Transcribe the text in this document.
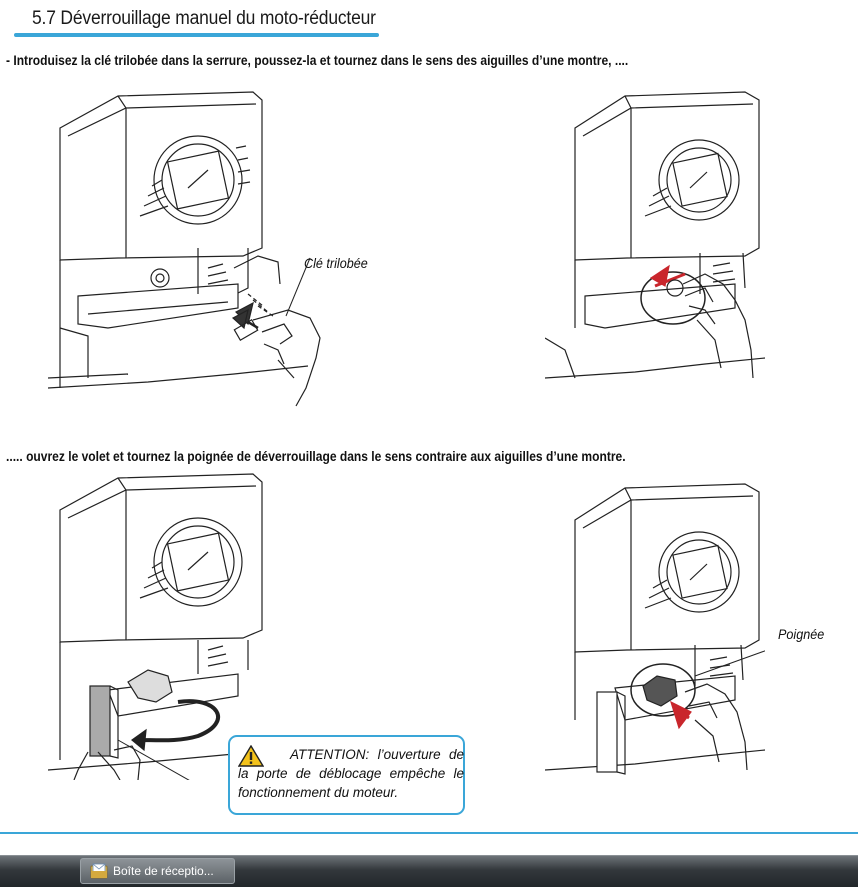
5.7 Déverrouillage manuel du moto-réducteur
- Introduisez la clé trilobée dans la serrure, poussez-la et tournez dans le sens des aiguilles d’une montre, ....
Clé trilobée
..... ouvrez le volet et tournez la poignée de déverrouillage dans le sens contraire aux aiguilles d’une montre.
ATTENTION: l’ouverture de la porte de déblocage empêche le fonctionnement du moteur.
Poignée
Boîte de réceptio...
